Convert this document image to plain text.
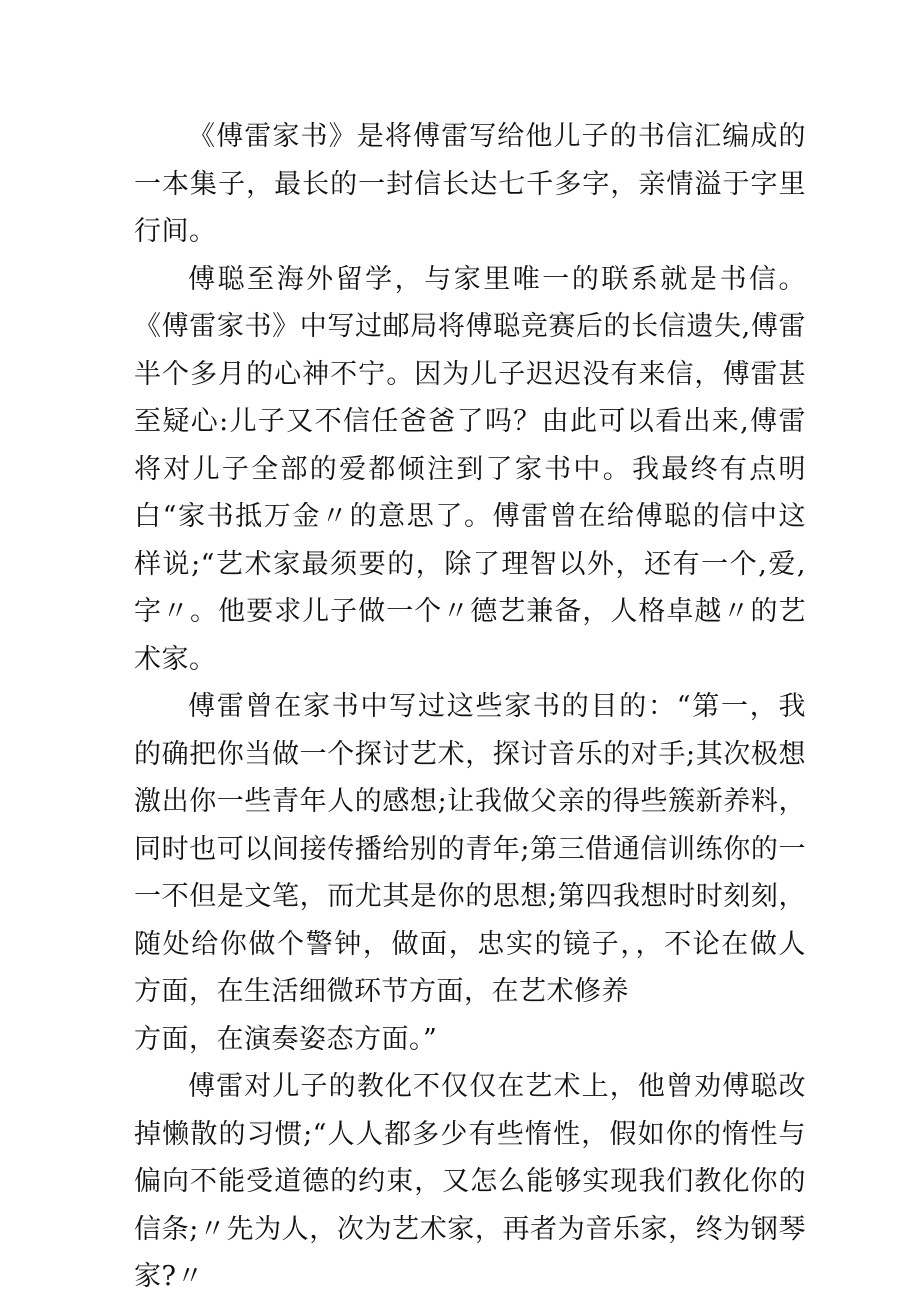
《傅雷家书》是将傅雷写给他儿子的书信汇编成的一本集子，最长的一封信长达七千多字，亲情溢于字里行间。

傅聪至海外留学，与家里唯一的联系就是书信。《傅雷家书》中写过邮局将傅聪竞赛后的长信遗失,傅雷半个多月的心神不宁。因为儿子迟迟没有来信，傅雷甚至疑心:儿子又不信任爸爸了吗？由此可以看出来,傅雷将对儿子全部的爱都倾注到了家书中。我最终有点明白“家书抵万金〃的意思了。傅雷曾在给傅聪的信中这样说;“艺术家最须要的，除了理智以外，还有一个,爱,字〃。他要求儿子做一个〃德艺兼备，人格卓越〃的艺术家。

傅雷曾在家书中写过这些家书的目的：“第一，我的确把你当做一个探讨艺术，探讨音乐的对手;其次极想激出你一些青年人的感想;让我做父亲的得些簇新养料，同时也可以间接传播给别的青年;第三借通信训练你的一一不但是文笔，而尤其是你的思想;第四我想时时刻刻，随处给你做个警钟，做面，忠实的镜子，，不论在做人方面，在生活细微环节方面，在艺术修养

方面，在演奏姿态方面。”

傅雷对儿子的教化不仅仅在艺术上，他曾劝傅聪改掉懒散的习惯;“人人都多少有些惰性，假如你的惰性与偏向不能受道德的约束，又怎么能够实现我们教化你的信条;〃先为人，次为艺术家，再者为音乐家，终为钢琴家?〃
